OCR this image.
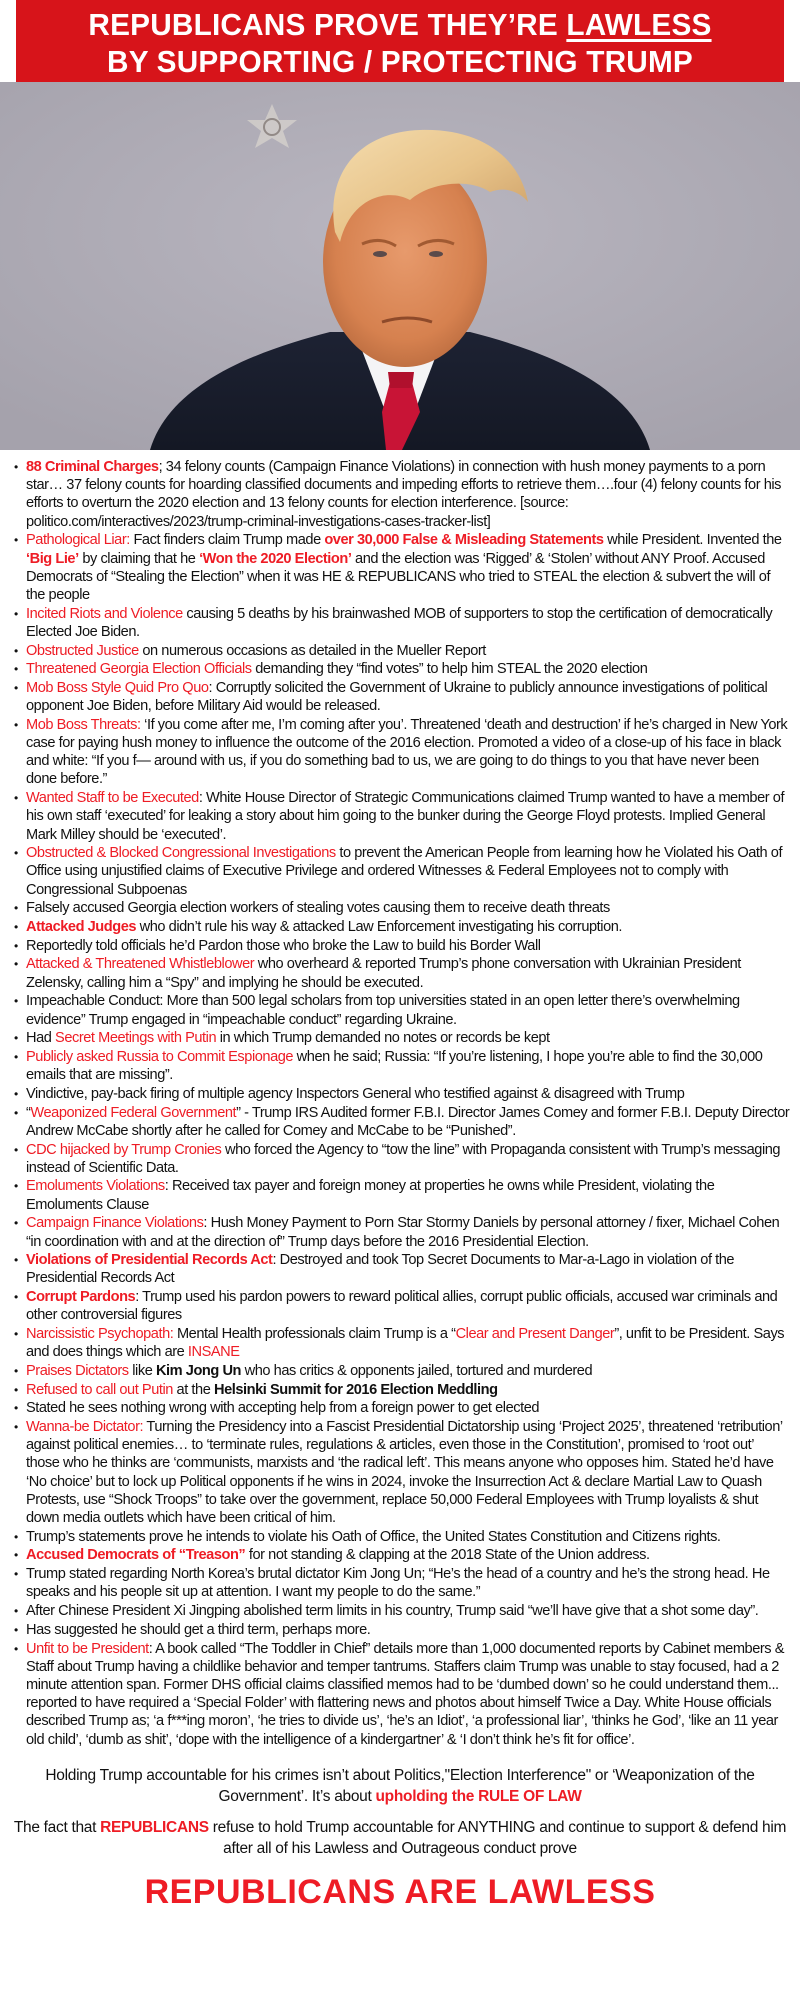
REPUBLICANS PROVE THEY’RE LAWLESS
BY SUPPORTING / PROTECTING TRUMP
• 88 Criminal Charges; 34 felony counts (Campaign Finance Violations) in connection with hush money payments to a porn star… 37 felony counts for hoarding classified documents and impeding efforts to retrieve them….four (4) felony counts for his efforts to overturn the 2020 election and 13 felony counts for election interference. [source: politico.com/interactives/2023/trump-criminal-investigations-cases-tracker-list]
• Pathological Liar: Fact finders claim Trump made over 30,000 False & Misleading Statements while President. Invented the ‘Big Lie’ by claiming that he ‘Won the 2020 Election’ and the election was ‘Rigged’ & ‘Stolen’ without ANY Proof. Accused Democrats of “Stealing the Election” when it was HE & REPUBLICANS who tried to STEAL the election & subvert the will of the people
• Incited Riots and Violence causing 5 deaths by his brainwashed MOB of supporters to stop the certification of democratically Elected Joe Biden.
• Obstructed Justice on numerous occasions as detailed in the Mueller Report
• Threatened Georgia Election Officials demanding they “find votes” to help him STEAL the 2020 election
• Mob Boss Style Quid Pro Quo: Corruptly solicited the Government of Ukraine to publicly announce investigations of political opponent Joe Biden, before Military Aid would be released.
• Mob Boss Threats: ‘If you come after me, I’m coming after you’. Threatened ‘death and destruction’ if he’s charged in New York case for paying hush money to influence the outcome of the 2016 election. Promoted a video of a close-up of his face in black and white: “If you f— around with us, if you do something bad to us, we are going to do things to you that have never been done before.”
• Wanted Staff to be Executed: White House Director of Strategic Communications claimed Trump wanted to have a member of his own staff ‘executed’ for leaking a story about him going to the bunker during the George Floyd protests. Implied General Mark Milley should be ‘executed’.
• Obstructed & Blocked Congressional Investigations to prevent the American People from learning how he Violated his Oath of Office using unjustified claims of Executive Privilege and ordered Witnesses & Federal Employees not to comply with Congressional Subpoenas
• Falsely accused Georgia election workers of stealing votes causing them to receive death threats
• Attacked Judges who didn’t rule his way & attacked Law Enforcement investigating his corruption.
• Reportedly told officials he’d Pardon those who broke the Law to build his Border Wall
• Attacked & Threatened Whistleblower who overheard & reported Trump’s phone conversation with Ukrainian President Zelensky, calling him a “Spy” and implying he should be executed.
• Impeachable Conduct: More than 500 legal scholars from top universities stated in an open letter there’s overwhelming evidence” Trump engaged in “impeachable conduct” regarding Ukraine.
• Had Secret Meetings with Putin in which Trump demanded no notes or records be kept
• Publicly asked Russia to Commit Espionage when he said; Russia: “If you’re listening, I hope you’re able to find the 30,000 emails that are missing”.
• Vindictive, pay-back firing of multiple agency Inspectors General who testified against & disagreed with Trump
• “Weaponized Federal Government” - Trump IRS Audited former F.B.I. Director James Comey and former F.B.I. Deputy Director Andrew McCabe shortly after he called for Comey and McCabe to be “Punished”.
• CDC hijacked by Trump Cronies who forced the Agency to “tow the line” with Propaganda consistent with Trump’s messaging instead of Scientific Data.
• Emoluments Violations: Received tax payer and foreign money at properties he owns while President, violating the Emoluments Clause
• Campaign Finance Violations: Hush Money Payment to Porn Star Stormy Daniels by personal attorney / fixer, Michael Cohen “in coordination with and at the direction of” Trump days before the 2016 Presidential Election.
• Violations of Presidential Records Act: Destroyed and took Top Secret Documents to Mar-a-Lago in violation of the Presidential Records Act
• Corrupt Pardons: Trump used his pardon powers to reward political allies, corrupt public officials, accused war criminals and other controversial figures
• Narcissistic Psychopath: Mental Health professionals claim Trump is a “Clear and Present Danger”, unfit to be President. Says and does things which are INSANE
• Praises Dictators like Kim Jong Un who has critics & opponents jailed, tortured and murdered
• Refused to call out Putin at the Helsinki Summit for 2016 Election Meddling
• Stated he sees nothing wrong with accepting help from a foreign power to get elected
• Wanna-be Dictator: Turning the Presidency into a Fascist Presidential Dictatorship using ‘Project 2025’, threatened ‘retribution’ against political enemies… to ‘terminate rules, regulations & articles, even those in the Constitution’, promised to ‘root out’ those who he thinks are ‘communists, marxists and ‘the radical left’. This means anyone who opposes him. Stated he’d have ‘No choice’ but to lock up Political opponents if he wins in 2024, invoke the Insurrection Act & declare Martial Law to Quash Protests, use “Shock Troops” to take over the government, replace 50,000 Federal Employees with Trump loyalists & shut down media outlets which have been critical of him.
• Trump’s statements prove he intends to violate his Oath of Office, the United States Constitution and Citizens rights.
• Accused Democrats of “Treason” for not standing & clapping at the 2018 State of the Union address.
• Trump stated regarding North Korea’s brutal dictator Kim Jong Un; “He’s the head of a country and he’s the strong head. He speaks and his people sit up at attention. I want my people to do the same.”
• After Chinese President Xi Jingping abolished term limits in his country, Trump said “we’ll have give that a shot some day”.
• Has suggested he should get a third term, perhaps more.
• Unfit to be President: A book called “The Toddler in Chief” details more than 1,000 documented reports by Cabinet members & Staff about Trump having a childlike behavior and temper tantrums. Staffers claim Trump was unable to stay focused, had a 2 minute attention span. Former DHS official claims classified memos had to be ‘dumbed down’ so he could understand them... reported to have required a ‘Special Folder’ with flattering news and photos about himself Twice a Day. White House officials described Trump as; ‘a f***ing moron’, ‘he tries to divide us’, ‘he’s an Idiot’, ‘a professional liar’, ‘thinks he God’, ‘like an 11 year old child’, ‘dumb as shit’, ‘dope with the intelligence of a kindergartner’ & ‘I don’t think he’s fit for office’.

Holding Trump accountable for his crimes isn’t about Politics,"Election Interference" or ‘Weaponization of the Government’. It’s about upholding the RULE OF LAW

The fact that REPUBLICANS refuse to hold Trump accountable for ANYTHING and continue to support & defend him after all of his Lawless and Outrageous conduct prove

REPUBLICANS ARE LAWLESS
